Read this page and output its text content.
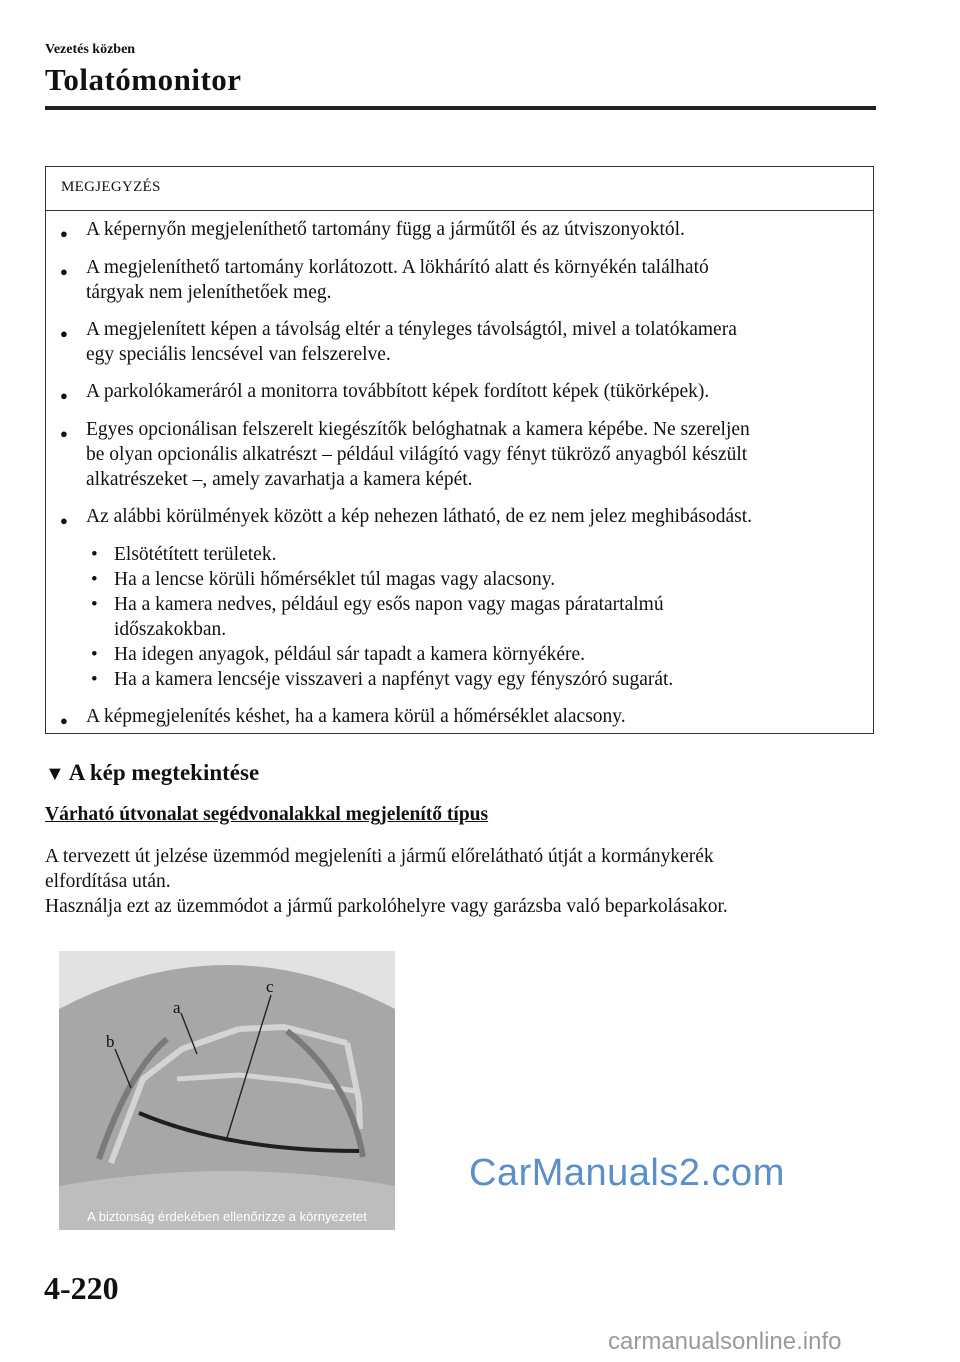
Vezetés közben
Tolatómonitor
MEGJEGYZÉS
● A képernyőn megjeleníthető tartomány függ a járműtől és az útviszonyoktól.
● A megjeleníthető tartomány korlátozott. A lökhárító alatt és környékén található
tárgyak nem jeleníthetőek meg.
● A megjelenített képen a távolság eltér a tényleges távolságtól, mivel a tolatókamera
egy speciális lencsével van felszerelve.
● A parkolókameráról a monitorra továbbított képek fordított képek (tükörképek).
● Egyes opcionálisan felszerelt kiegészítők belóghatnak a kamera képébe. Ne szereljen
be olyan opcionális alkatrészt – például világító vagy fényt tükröző anyagból készült
alkatrészeket –, amely zavarhatja a kamera képét.
● Az alábbi körülmények között a kép nehezen látható, de ez nem jelez meghibásodást.
• Elsötétített területek.
• Ha a lencse körüli hőmérséklet túl magas vagy alacsony.
• Ha a kamera nedves, például egy esős napon vagy magas páratartalmú
időszakokban.
• Ha idegen anyagok, például sár tapadt a kamera környékére.
• Ha a kamera lencséje visszaveri a napfényt vagy egy fényszóró sugarát.
● A képmegjelenítés késhet, ha a kamera körül a hőmérséklet alacsony.
▼ A kép megtekintése
Várható útvonalat segédvonalakkal megjelenítő típus
A tervezett út jelzése üzemmód megjeleníti a jármű előrelátható útját a kormánykerék
elfordítása után.
Használja ezt az üzemmódot a jármű parkolóhelyre vagy garázsba való beparkolásakor.
a
b
c
A biztonság érdekében ellenőrizze a környezetet
CarManuals2.com
4-220
carmanualsonline.info
